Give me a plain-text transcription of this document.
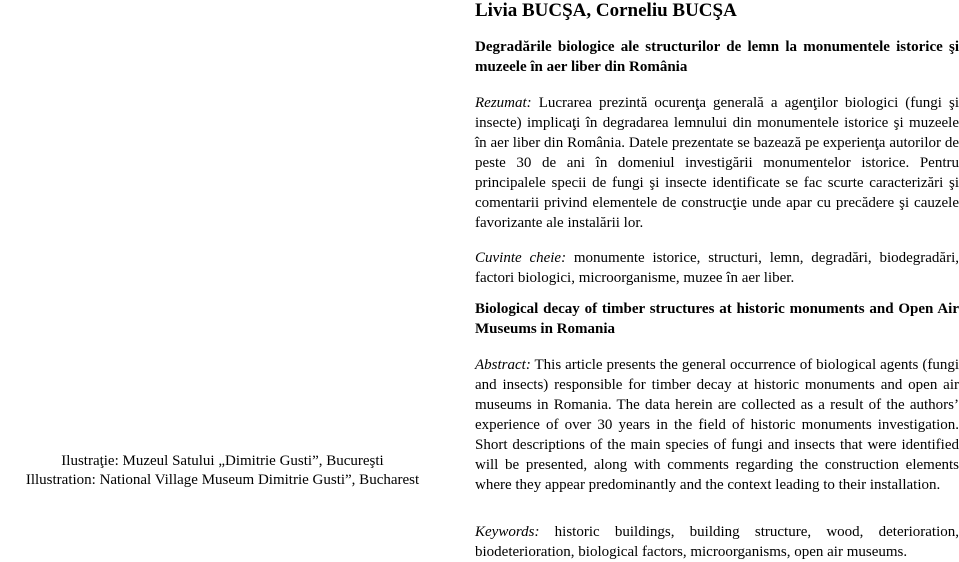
Livia BUCŞA, Corneliu BUCŞA
Degradările biologice ale structurilor de lemn la monumentele istorice şi muzeele în aer liber din România
Rezumat: Lucrarea prezintă ocurenţa generală a agenţilor biologici (fungi şi insecte) implicaţi în degradarea lemnului din monumentele istorice şi muzeele în aer liber din România. Datele prezentate se bazează pe experienţa autorilor de peste 30 de ani în domeniul investigării monumentelor istorice. Pentru principalele specii de fungi şi insecte identificate se fac scurte caracterizări şi comentarii privind elementele de construcţie unde apar cu precădere şi cauzele favorizante ale instalării lor.
Cuvinte cheie: monumente istorice, structuri, lemn, degradări, biodegradări, factori biologici, microorganisme, muzee în aer liber.
Biological decay of timber structures at historic monuments and Open Air Museums in Romania
Abstract: This article presents the general occurrence of biological agents (fungi and insects) responsible for timber decay at historic monuments and open air museums in Romania. The data herein are collected as a result of the authors’ experience of over 30 years in the field of historic monuments investigation. Short descriptions of the main species of fungi and insects that were identified will be presented, along with comments regarding the construction elements where they appear predominantly and the context leading to their installation.
Keywords: historic buildings, building structure, wood, deterioration, biodeterioration, biological factors, microorganisms, open air museums.
Ilustraţie: Muzeul Satului „Dimitrie Gusti”, Bucureşti
Illustration: National Village Museum Dimitrie Gusti”, Bucharest
